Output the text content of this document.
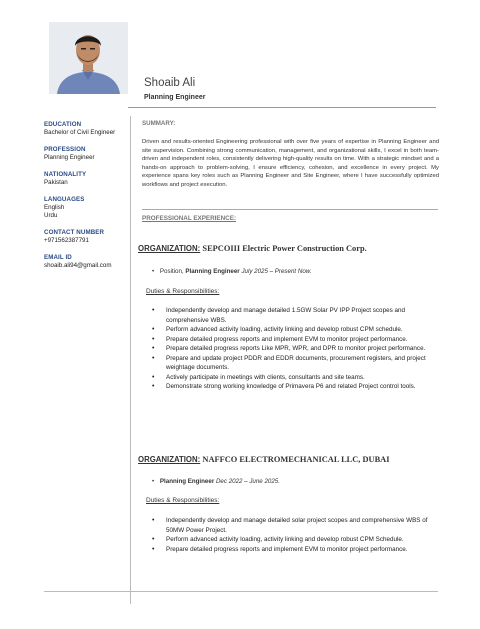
Shoaib Ali
Planning Engineer
EDUCATION
Bachelor of Civil Engineer
PROFESSION
Planning Engineer
NATIONALITY
Pakistan
LANGUAGES
English
Urdu
CONTACT NUMBER
+971562387791
EMAIL ID
shoaib.ali94@gmail.com
SUMMARY:
Driven and results-oriented Engineering professional with over five years of expertise in Planning Engineer and site supervision. Combining strong communication, management, and organizational skills, I excel in both team-driven and independent roles, consistently delivering high-quality results on time. With a strategic mindset and a hands-on approach to problem-solving, I ensure efficiency, cohesion, and excellence in every project. My experience spans key roles such as Planning Engineer and Site Engineer, where I have successfully optimized workflows and project execution.
PROFESSIONAL EXPERIENCE:
ORGANIZATION: SEPCOIII Electric Power Construction Corp.
• Position, Planning Engineer July 2025 – Present Now.
Duties & Responsibilities:
• Independently develop and manage detailed 1.5GW Solar PV IPP Project scopes and comprehensive WBS.
• Perform advanced activity loading, activity linking and develop robust CPM schedule.
• Prepare detailed progress reports and implement EVM to monitor project performance.
• Prepare detailed progress reports Like MPR, WPR, and DPR to monitor project performance.
• Prepare and update project PDDR and EDDR documents, procurement registers, and project weightage documents.
• Actively participate in meetings with clients, consultants and site teams.
• Demonstrate strong working knowledge of Primavera P6 and related Project control tools.
ORGANIZATION: NAFFCO ELECTROMECHANICAL LLC, DUBAI
• Planning Engineer Dec 2022 – June 2025.
Duties & Responsibilities:
• Independently develop and manage detailed solar project scopes and comprehensive WBS of 50MW Power Project.
• Perform advanced activity loading, activity linking and develop robust CPM Schedule.
• Prepare detailed progress reports and implement EVM to monitor project performance.
